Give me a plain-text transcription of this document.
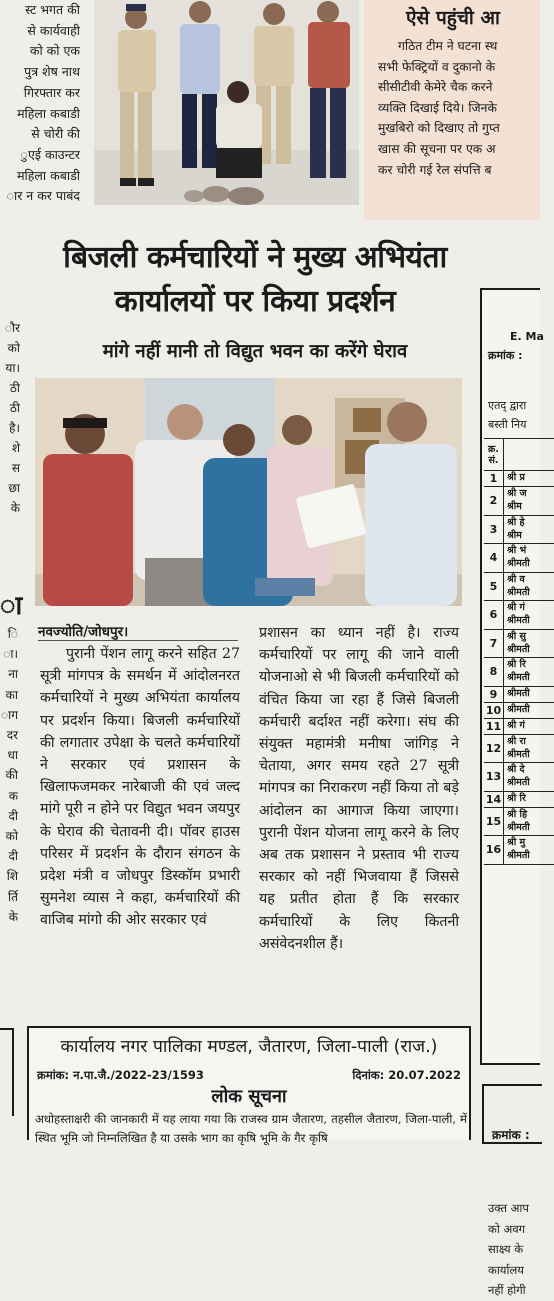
स्ट भगत की
से कार्यवाही
को को एक
पुत्र शेष नाथ
गिरफ्तार कर
महिला कबाडी
से चोरी की
ुएई काउन्टर
महिला कबाडी
ार न कर पाबंद
ऐसे पहुंची आ
गठित टीम ने घटना स्थ
सभी फेक्ट्रियों व दुकानो के
सीसीटीवी केमेरे चैक करने
व्यक्ति दिखाई दिये। जिनके
मुखबिरो को दिखाए तो गुप्त
खास की सूचना पर एक अ
कर चोरी गई रेल संपत्ति ब
ौर
को
या।
ठी
ठी
है।
शे
स
छा
के
ा
ि
ा।
ना
का
ाग
दर
धा
की
क
दी
को
दी
शि
र्ति
के
बिजली कर्मचारियों ने मुख्य अभियंता
कार्यालयों पर किया प्रदर्शन
मांगे नहीं मानी तो विद्युत भवन का करेंगे घेराव
नवज्योति/जोधपुर।
पुरानी पेंशन लागू करने सहित 27 सूत्री मांगपत्र के समर्थन में आंदोलनरत कर्मचारियों ने मुख्य अभियंता कार्यालय पर प्रदर्शन किया। बिजली कर्मचारियों की लगातार उपेक्षा के चलते कर्मचारियों ने सरकार एवं प्रशासन के खिलाफजमकर नारेबाजी की एवं जल्द मांगे पूरी न होने पर विद्युत भवन जयपुर के घेराव की चेतावनी दी। पॉवर हाउस परिसर में प्रदर्शन के दौरान संगठन के प्रदेश मंत्री व जोधपुर डिस्कॉम प्रभारी सुमनेश व्यास ने कहा, कर्मचारियों की वाजिब मांगो की ओर सरकार एवं
प्रशासन का ध्यान नहीं है। राज्य कर्मचारियों पर लागू की जाने वाली योजनाओ से भी बिजली कर्मचारियों को वंचित किया जा रहा हैं जिसे बिजली कर्मचारी बर्दाश्त नहीं करेगा। संघ की संयुक्त महामंत्री मनीषा जांगिड़ ने चेताया, अगर समय रहते 27 सूत्री मांगपत्र का निराकरण नहीं किया तो बड़े आंदोलन का आगाज किया जाएगा। पुरानी पेंशन योजना लागू करने के लिए अब तक प्रशासन ने प्रस्ताव भी राज्य सरकार को नहीं भिजवाया हैं जिससे यह प्रतीत होता हैं कि सरकार कर्मचारियों के लिए कितनी असंवेदनशील हैं।
E. Ma
क्रमांक :
एतद् द्वारा
बस्ती निय
क्र. सं.
1	श्री प्र
2
श्री ज
श्रीम
3
श्री हे
श्रीम
4
श्री भं
श्रीमती
5
श्री व
श्रीमती
6
श्री गं
श्रीमती
7
श्री सु
श्रीमती
8
श्री रि
श्रीमती
9	श्रीमती
10 श्रीमती
11 श्री गं
12
श्री रा
श्रीमती
13
श्री दे
श्रीमती
14 श्री रि
15
श्री हि
श्रीमती
16
श्री मु
श्रीमती
उक्त आप
को अवग
साक्ष्य के
कार्यालय
नहीं होगी
कार्यालय नगर पालिका मण्डल, जैतारण, जिला-पाली (राज.)
क्रमांक: न.पा.जै./2022-23/1593	दिनांक: 20.07.2022
लोक सूचना
अधोहस्ताक्षरी की जानकारी में यह लाया गया कि राजस्व ग्राम जैतारण, तहसील जैतारण, जिला-पाली, में स्थित भूमि जो निम्नलिखित है या उसके भाग का कृषि भूमि के गैर कृषि	क्रमांक :
